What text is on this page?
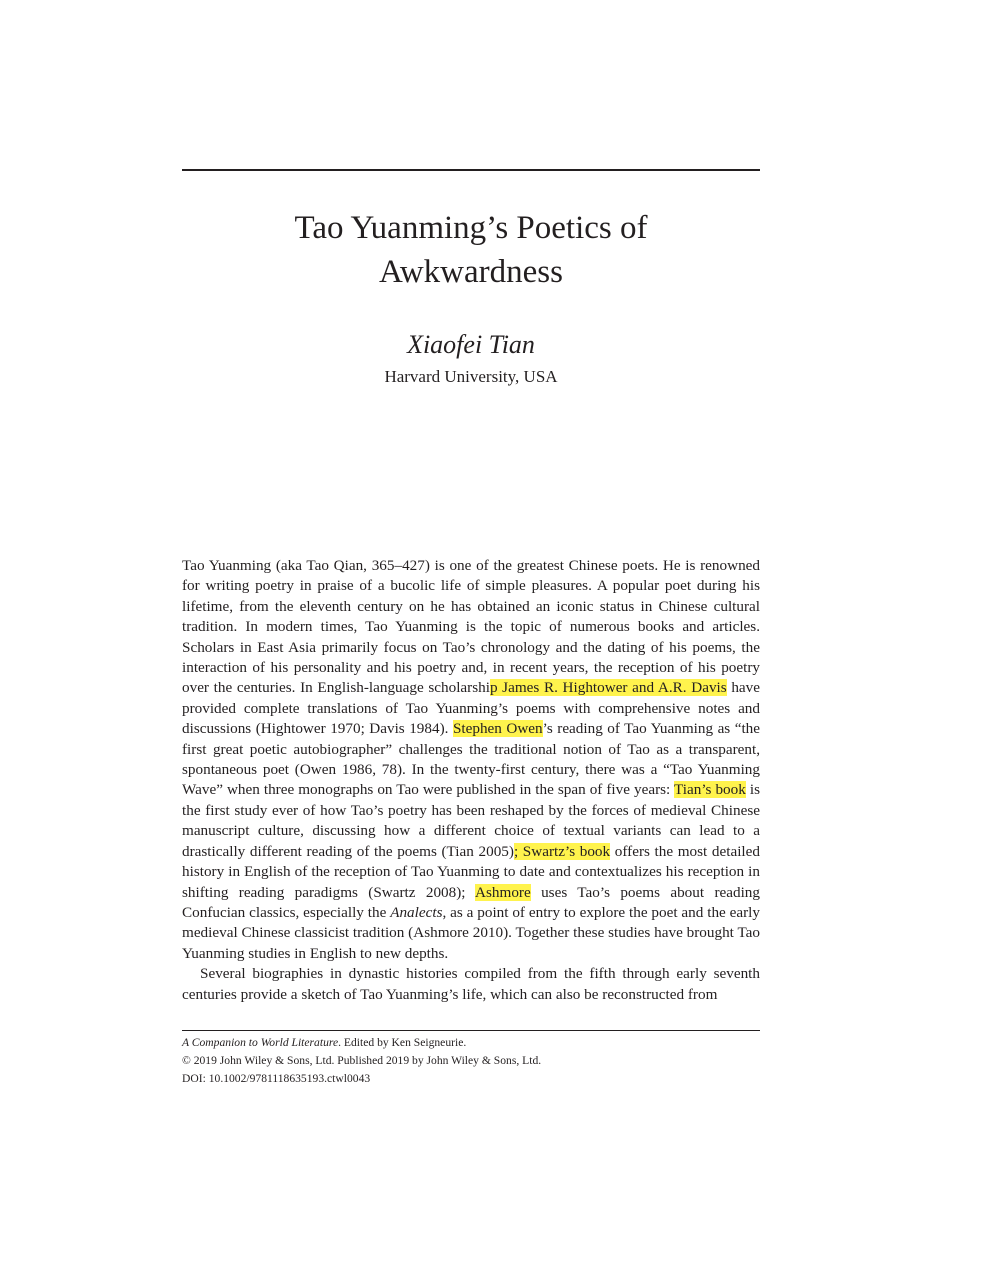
Tao Yuanming’s Poetics of
Awkwardness
Xiaofei Tian
Harvard University, USA

Tao Yuanming (aka Tao Qian, 365–427) is one of the greatest Chinese poets. He is renowned for writing poetry in praise of a bucolic life of simple pleasures. A popular poet during his lifetime, from the eleventh century on he has obtained an iconic status in Chinese cultural tradition. In modern times, Tao Yuanming is the topic of numerous books and articles. Scholars in East Asia primarily focus on Tao’s chronology and the dating of his poems, the interaction of his personality and his poetry and, in recent years, the reception of his poetry over the centuries. In English-language scholarship James R. Hightower and A.R. Davis have provided complete translations of Tao Yuanming’s poems with comprehensive notes and discussions (Hightower 1970; Davis 1984). Stephen Owen’s reading of Tao Yuanming as “the first great poetic autobiographer” challenges the traditional notion of Tao as a transparent, spontaneous poet (Owen 1986, 78). In the twenty-first century, there was a “Tao Yuanming Wave” when three monographs on Tao were published in the span of five years: Tian’s book is the first study ever of how Tao’s poetry has been reshaped by the forces of medieval Chinese manuscript culture, discussing how a different choice of textual variants can lead to a drastically different reading of the poems (Tian 2005); Swartz’s book offers the most detailed history in English of the reception of Tao Yuanming to date and contextualizes his reception in shifting reading paradigms (Swartz 2008); Ashmore uses Tao’s poems about reading Confucian classics, especially the Analects, as a point of entry to explore the poet and the early medieval Chinese classicist tradition (Ashmore 2010). Together these studies have brought Tao Yuanming studies in English to new depths.

Several biographies in dynastic histories compiled from the fifth through early seventh centuries provide a sketch of Tao Yuanming’s life, which can also be reconstructed from

A Companion to World Literature. Edited by Ken Seigneurie.
© 2019 John Wiley & Sons, Ltd. Published 2019 by John Wiley & Sons, Ltd.
DOI: 10.1002/9781118635193.ctwl0043
